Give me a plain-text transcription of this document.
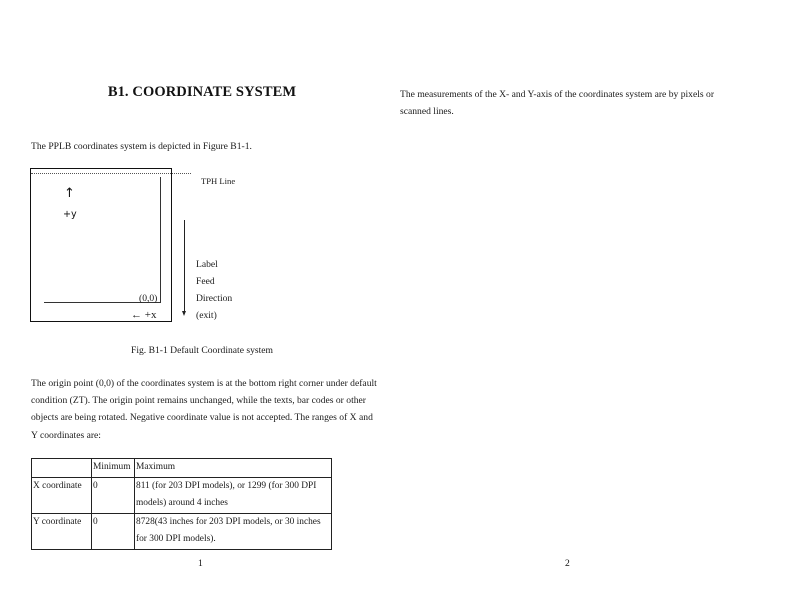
B1. COORDINATE SYSTEM
The PPLB coordinates system is depicted in Figure B1-1.
↑
+y
(0,0)
← +x
TPH Line
Label
Feed
Direction
(exit)
Fig. B1-1 Default Coordinate system
The origin point (0,0) of the coordinates system is at the bottom right corner under default condition (ZT). The origin point remains unchanged, while the texts, bar codes or other objects are being rotated. Negative coordinate value is not accepted. The ranges of X and Y coordinates are:
	Minimum	Maximum
X coordinate	0	811 (for 203 DPI models), or 1299 (for 300 DPI models) around 4 inches
Y coordinate	0	8728(43 inches for 203 DPI models, or 30 inches for 300 DPI models).
1
The measurements of the X- and Y-axis of the coordinates system are by pixels or scanned lines.
2
